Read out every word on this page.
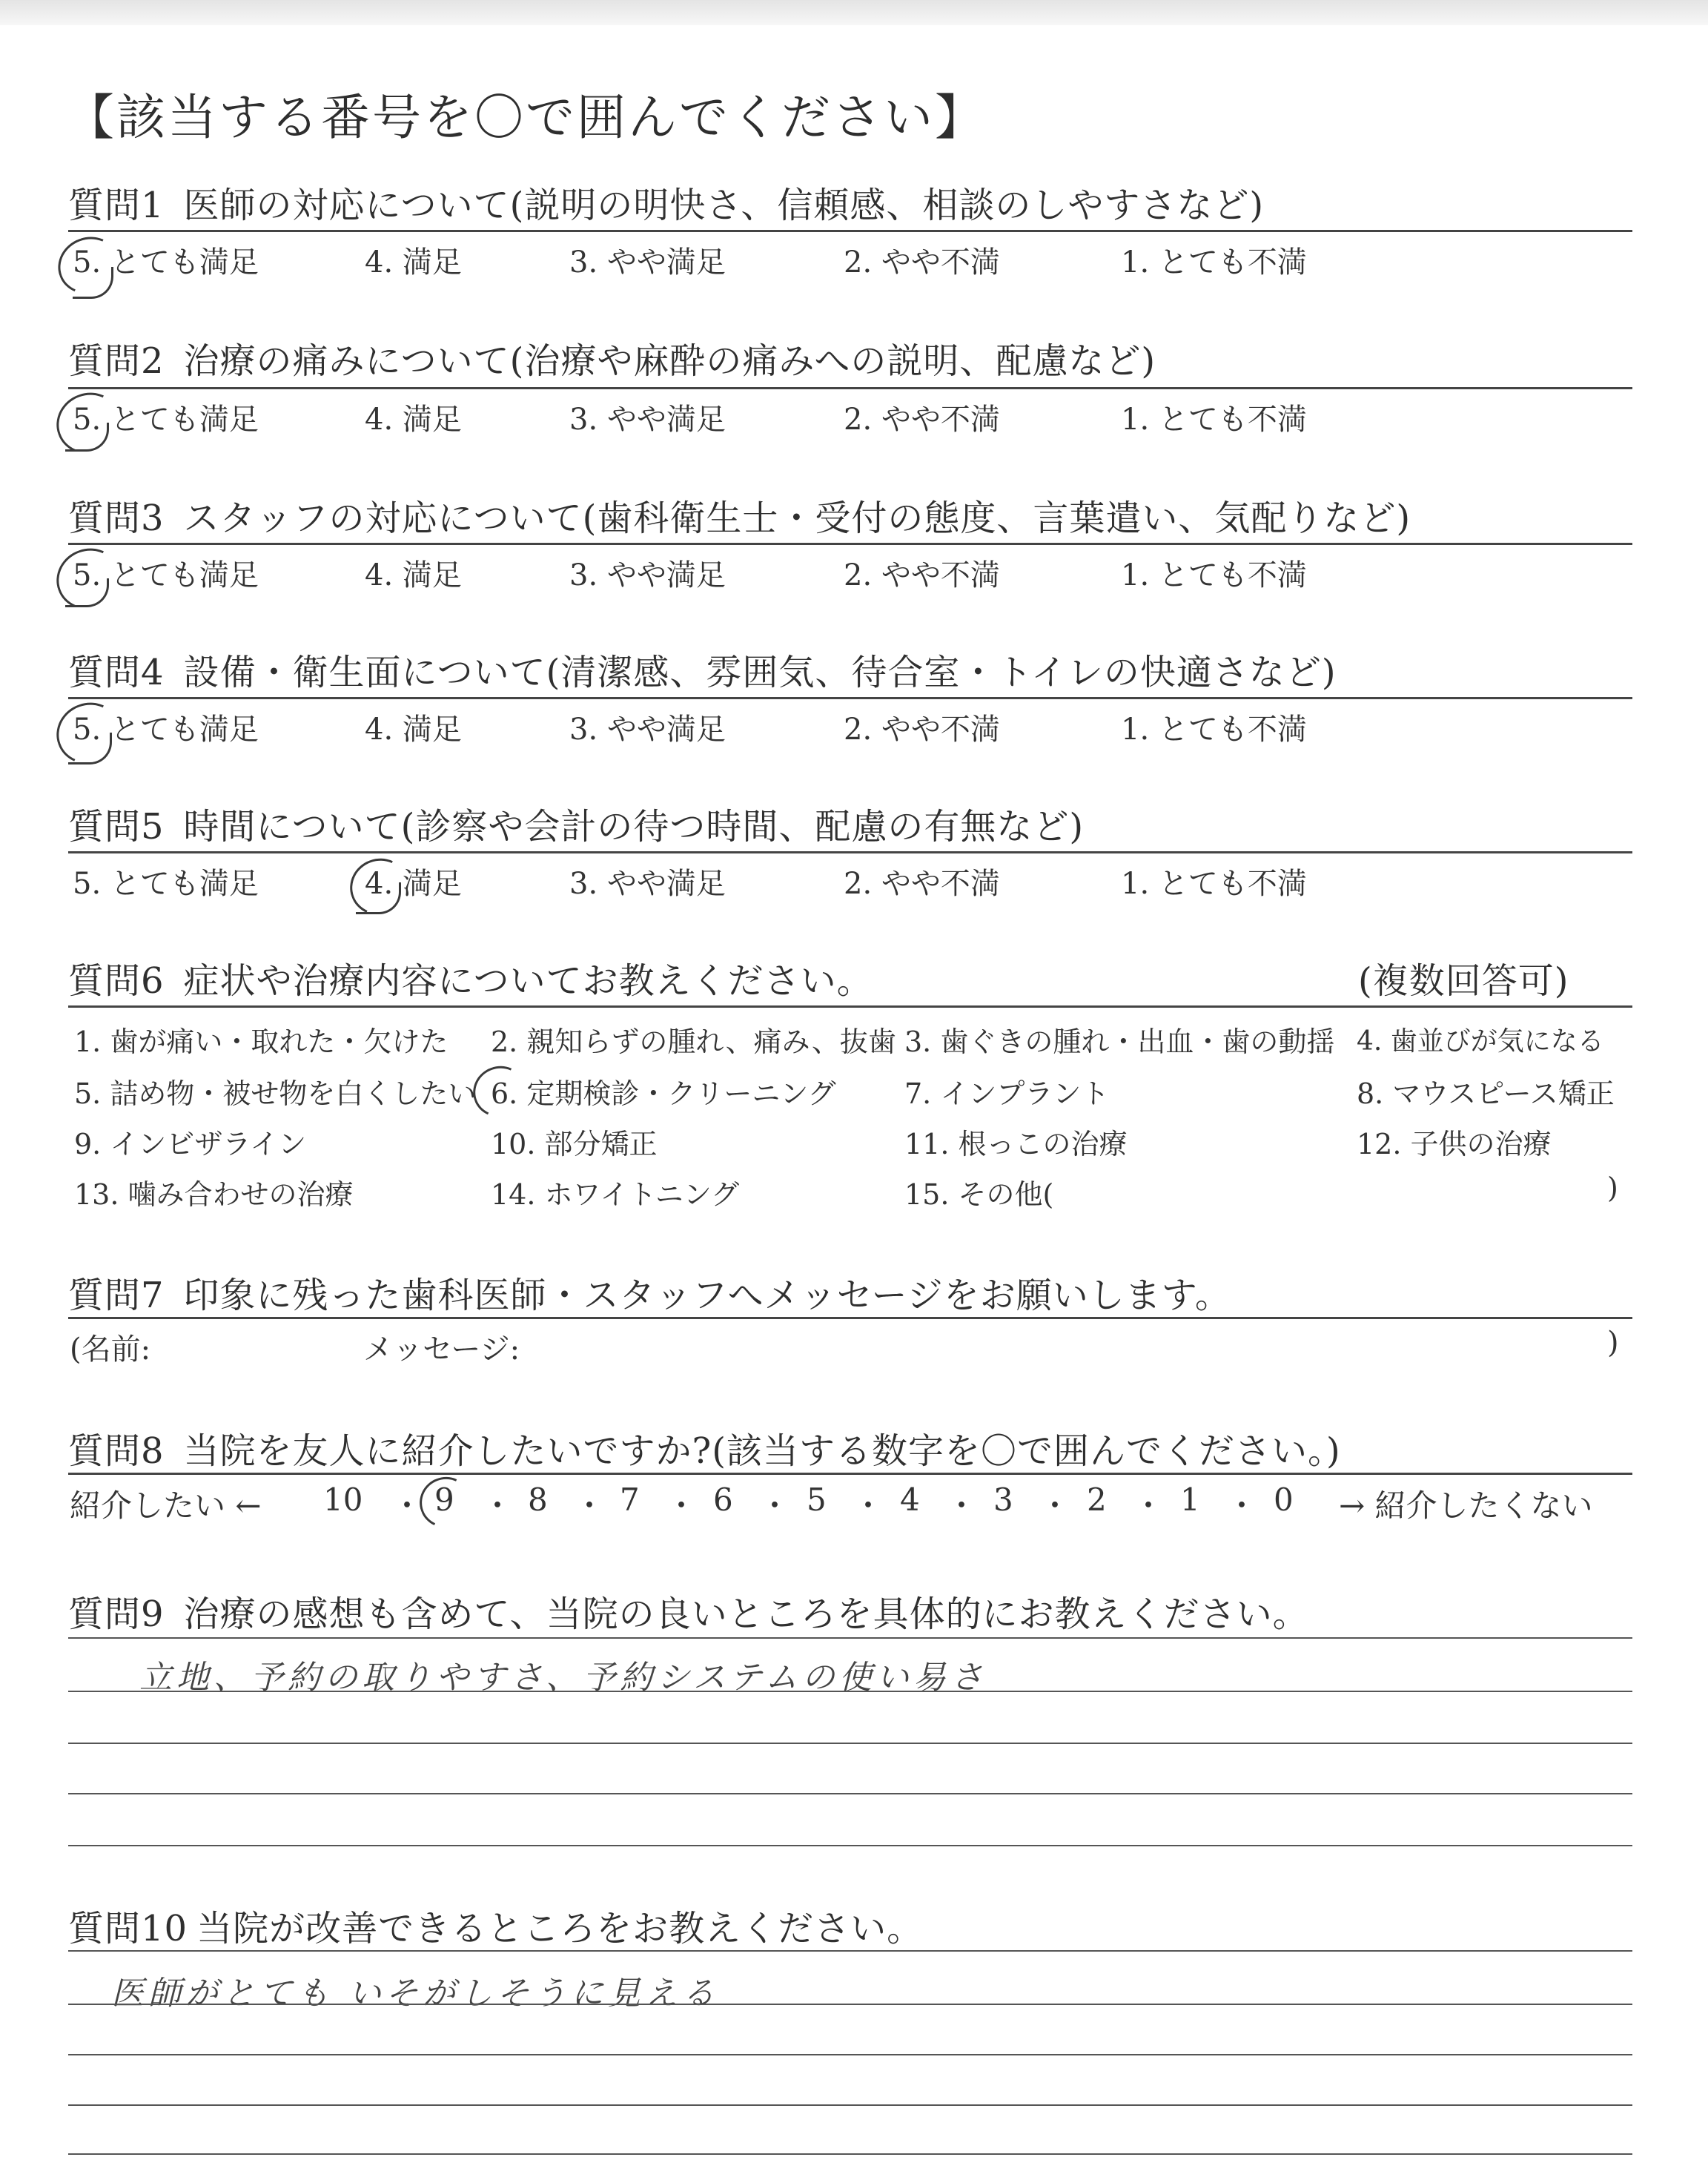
【該当する番号を〇で囲んでください】
質問1 医師の対応について(説明の明快さ、信頼感、相談のしやすさなど)
5. とても満足	4. 満足	3. やや満足	2. やや不満	1. とても不満
質問2 治療の痛みについて(治療や麻酔の痛みへの説明、配慮など)
5. とても満足	4. 満足	3. やや満足	2. やや不満	1. とても不満
質問3 スタッフの対応について(歯科衛生士・受付の態度、言葉遣い、気配りなど)
5. とても満足	4. 満足	3. やや満足	2. やや不満	1. とても不満
質問4 設備・衛生面について(清潔感、雰囲気、待合室・トイレの快適さなど)
5. とても満足	4. 満足	3. やや満足	2. やや不満	1. とても不満
質問5 時間について(診察や会計の待つ時間、配慮の有無など)
5. とても満足	4. 満足	3. やや満足	2. やや不満	1. とても不満
質問6 症状や治療内容についてお教えください。	(複数回答可)
1. 歯が痛い・取れた・欠けた 2. 親知らずの腫れ、痛み、抜歯 3. 歯ぐきの腫れ・出血・歯の動揺 4. 歯並びが気になる
5. 詰め物・被せ物を白くしたい 6. 定期検診・クリーニング 7. インプラント	8. マウスピース矯正
9. インビザライン	10. 部分矯正	11. 根っこの治療	12. 子供の治療
13. 噛み合わせの治療	14. ホワイトニング	15. その他(	)
質問7 印象に残った歯科医師・スタッフへメッセージをお願いします。
(名前:	メッセージ:	)
質問8 当院を友人に紹介したいですか?(該当する数字を〇で囲んでください。)
紹介したい ← 10 ・ 9 ・ 8 ・ 7 ・ 6 ・ 5 ・ 4 ・ 3 ・ 2 ・ 1 ・ 0 → 紹介したくない
質問9 治療の感想も含めて、当院の良いところを具体的にお教えください。
立地、予約の取りやすさ、予約システムの使い易さ
質問10 当院が改善できるところをお教えください。
医師がとても いそがしそうに見える
